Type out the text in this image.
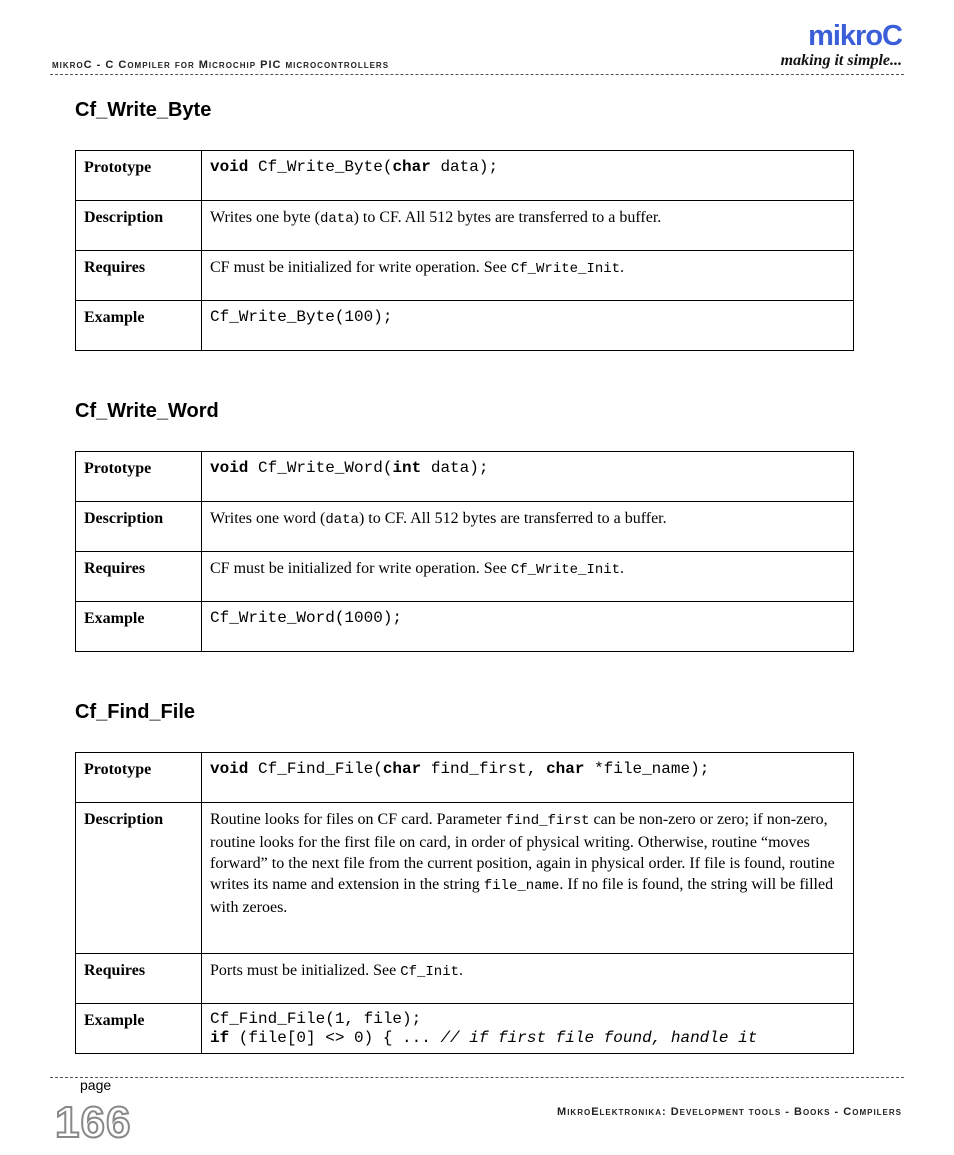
mikroC
making it simple...
mikroC - C Compiler for Microchip PIC microcontrollers
Cf_Write_Byte
Prototype	void Cf_Write_Byte(char data);
Description	Writes one byte (data) to CF. All 512 bytes are transferred to a buffer.
Requires	CF must be initialized for write operation. See Cf_Write_Init.
Example	Cf_Write_Byte(100);
Cf_Write_Word
Prototype	void Cf_Write_Word(int data);
Description	Writes one word (data) to CF. All 512 bytes are transferred to a buffer.
Requires	CF must be initialized for write operation. See Cf_Write_Init.
Example	Cf_Write_Word(1000);
Cf_Find_File
Prototype	void Cf_Find_File(char find_first, char *file_name);
Description	Routine looks for files on CF card. Parameter find_first can be non-zero or zero; if non-zero, routine looks for the first file on card, in order of physical writing. Otherwise, routine “moves forward” to the next file from the current position, again in physical order. If file is found, routine writes its name and extension in the string file_name. If no file is found, the string will be filled with zeroes.
Requires	Ports must be initialized. See Cf_Init.
Example	Cf_Find_File(1, file);
if (file[0] <> 0) { ... // if first file found, handle it
page
166	MikroElektronika: Development tools - Books - Compilers
